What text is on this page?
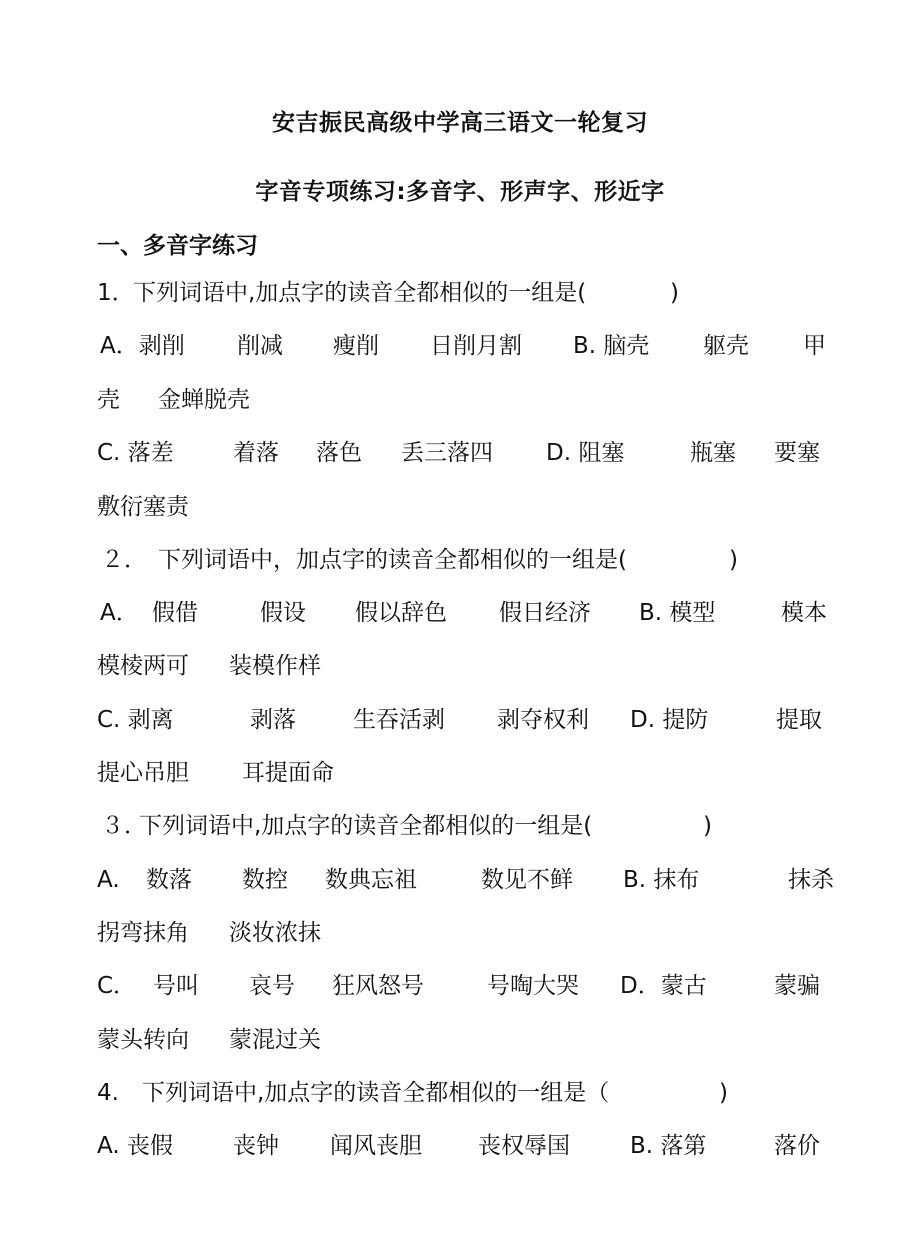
安吉振民高级中学高三语文一轮复习
字音专项练习:多音字、形声字、形近字
一、多音字练习
1．
下列词语中,加点字的读音全都相似的一组是(	)
A．剥削 削减 瘦削 日削月割 B. 脑壳 躯壳 甲
壳 金蝉脱壳
C. 落差	着落 落色 丢三落四 D. 阻塞	瓶塞 要塞
敷衍塞责
２． 下列词语中，加点字的读音全都相似的一组是(	)
A． 假借	假设 假以辞色 假日经济 B. 模型	模本
模棱两可 装模作样
C. 剥离	剥落 生吞活剥 剥夺权利 D. 提防	提取
提心吊胆 耳提面命
３．
下列词语中,加点字的读音全都相似的一组是(	)
A. 数落 数控 数典忘祖	数见不鲜 B. 抹布	抹杀
拐弯抹角 淡妆浓抹
C． 号叫 哀号 狂风怒号	号啕大哭 D．蒙古	蒙骗
蒙头转向 蒙混过关
4. 下列词语中,加点字的读音全都相似的一组是（	)
A. 丧假	丧钟 闻风丧胆 丧权辱国	B. 落第	落价
